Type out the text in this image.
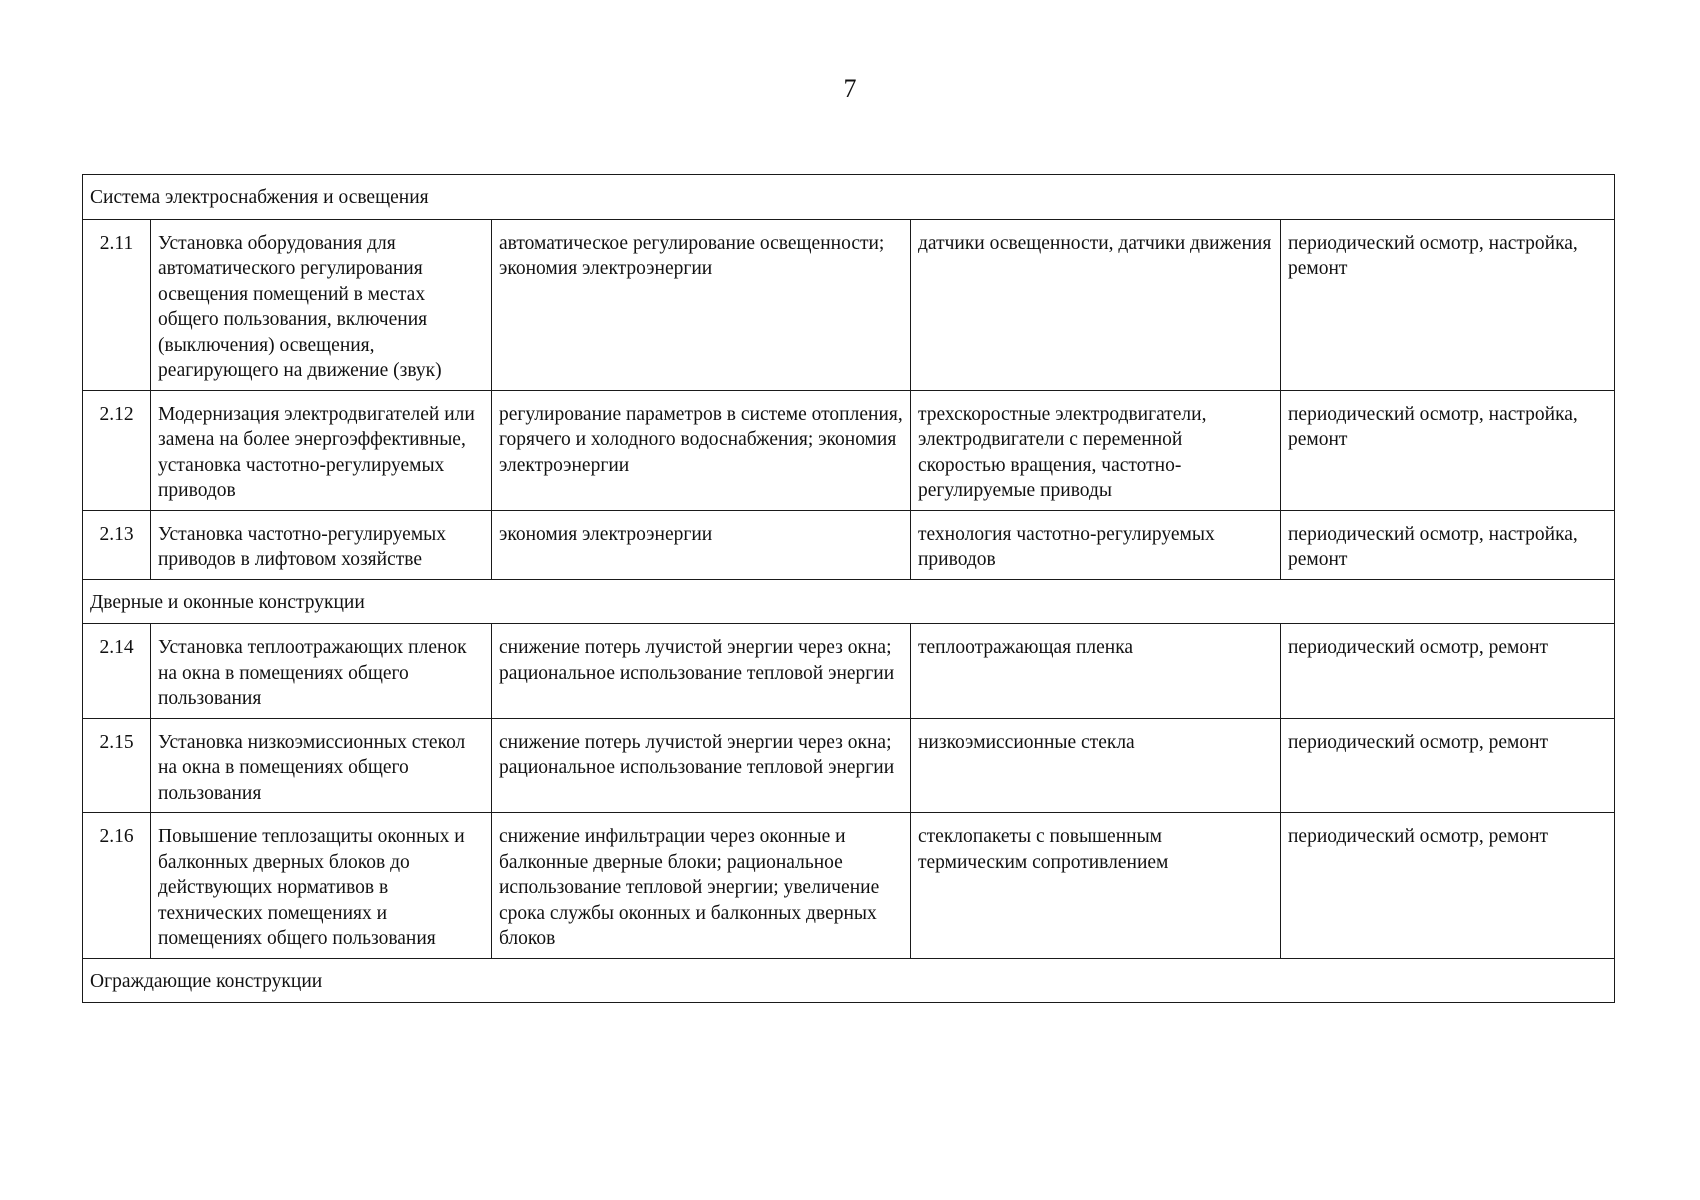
7
Система электроснабжения и освещения				
2.11	Установка оборудования для автоматического регулирования освещения помещений в местах общего пользования, включения (выключения) освещения, реагирующего на движение (звук)	автоматическое регулирование освещенности; экономия электроэнергии	датчики освещенности, датчики движения	периодический осмотр, настройка, ремонт
2.12	Модернизация электродвигателей или замена на более энергоэффективные, установка частотно-регулируемых приводов	регулирование параметров в системе отопления, горячего и холодного водоснабжения; экономия электроэнергии	трехскоростные электродвигатели, электродвигатели с переменной скоростью вращения, частотно-регулируемые приводы	периодический осмотр, настройка, ремонт
2.13	Установка частотно-регулируемых приводов в лифтовом хозяйстве	экономия электроэнергии	технология частотно-регулируемых приводов	периодический осмотр, настройка, ремонт
Дверные и оконные конструкции				
2.14	Установка теплоотражающих пленок на окна в помещениях общего пользования	снижение потерь лучистой энергии через окна; рациональное использование тепловой энергии	теплоотражающая пленка	периодический осмотр, ремонт
2.15	Установка низкоэмиссионных стекол на окна в помещениях общего пользования	снижение потерь лучистой энергии через окна; рациональное использование тепловой энергии	низкоэмиссионные стекла	периодический осмотр, ремонт
2.16	Повышение теплозащиты оконных и балконных дверных блоков до действующих нормативов в технических помещениях и помещениях общего пользования	снижение инфильтрации через оконные и балконные дверные блоки; рациональное использование тепловой энергии; увеличение срока службы оконных и балконных дверных блоков	стеклопакеты с повышенным термическим сопротивлением	периодический осмотр, ремонт
Ограждающие конструкции				
